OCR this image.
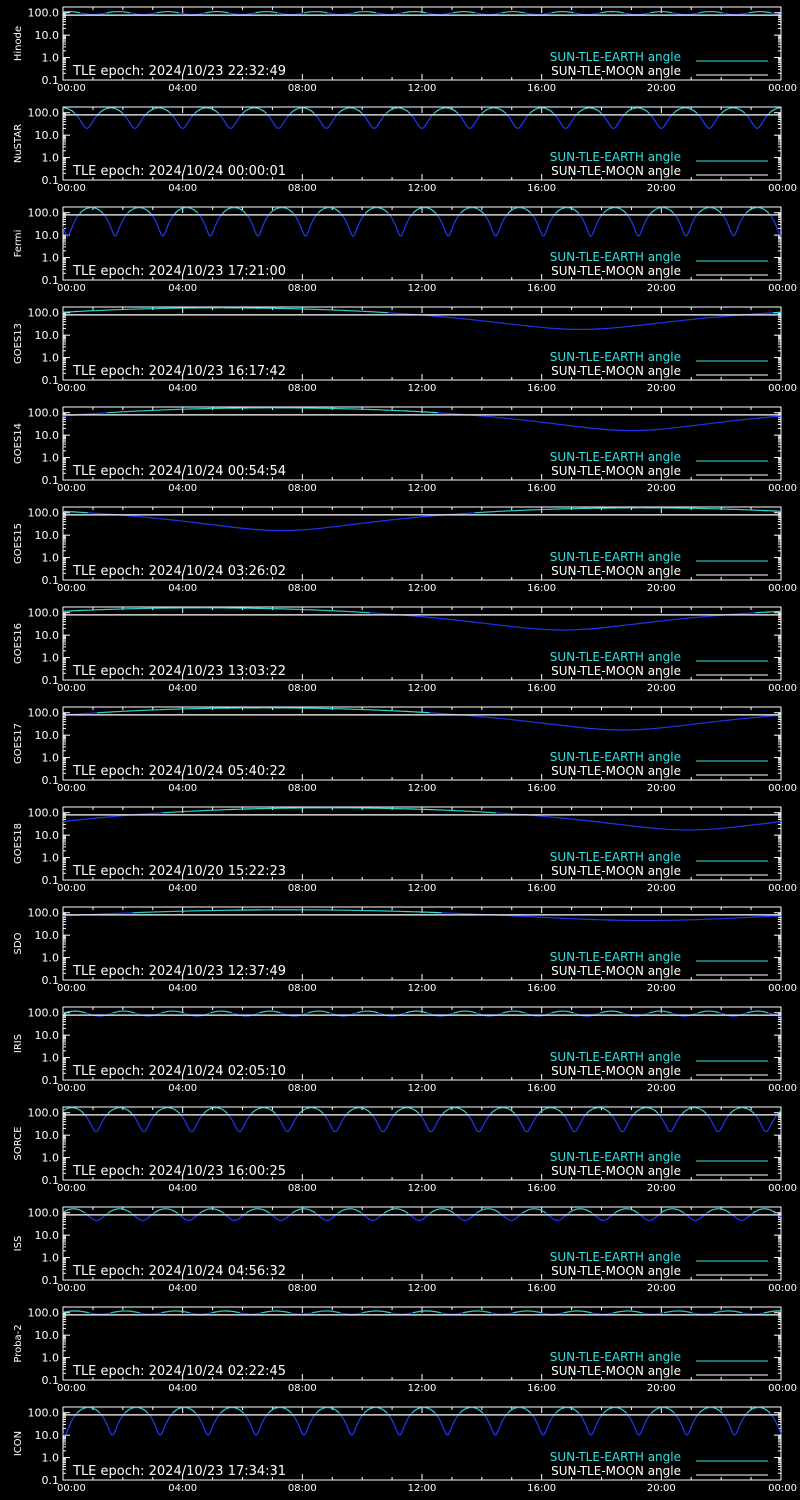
100.0
10.0
1.0
0.1
00:00	04:00	08:00	12:00	16:00	20:00	00:00
Hinode	SUN-TLE-EARTH angle
SUN-TLE-MOON angle
TLE epoch: 2024/10/23 22:32:49
100.0
10.0
1.0
0.1
00:00	04:00	08:00	12:00	16:00	20:00	00:00
NuSTAR	SUN-TLE-EARTH angle
SUN-TLE-MOON angle
TLE epoch: 2024/10/24 00:00:01
100.0
10.0
1.0
0.1
00:00	04:00	08:00	12:00	16:00	20:00	00:00
Fermi	SUN-TLE-EARTH angle
SUN-TLE-MOON angle
TLE epoch: 2024/10/23 17:21:00
100.0
10.0
1.0
0.1
00:00	04:00	08:00	12:00	16:00	20:00	00:00
GOES13	SUN-TLE-EARTH angle
SUN-TLE-MOON angle
TLE epoch: 2024/10/23 16:17:42
100.0
10.0
1.0
0.1
00:00	04:00	08:00	12:00	16:00	20:00	00:00
GOES14	SUN-TLE-EARTH angle
SUN-TLE-MOON angle
TLE epoch: 2024/10/24 00:54:54
100.0
10.0
1.0
0.1
00:00	04:00	08:00	12:00	16:00	20:00	00:00
GOES15	SUN-TLE-EARTH angle
SUN-TLE-MOON angle
TLE epoch: 2024/10/24 03:26:02
100.0
10.0
1.0
0.1
00:00	04:00	08:00	12:00	16:00	20:00	00:00
GOES16	SUN-TLE-EARTH angle
SUN-TLE-MOON angle
TLE epoch: 2024/10/23 13:03:22
100.0
10.0
1.0
0.1
00:00	04:00	08:00	12:00	16:00	20:00	00:00
GOES17	SUN-TLE-EARTH angle
SUN-TLE-MOON angle
TLE epoch: 2024/10/24 05:40:22
100.0
10.0
1.0
0.1
00:00	04:00	08:00	12:00	16:00	20:00	00:00
GOES18	SUN-TLE-EARTH angle
SUN-TLE-MOON angle
TLE epoch: 2024/10/20 15:22:23
100.0
10.0
1.0
0.1
00:00	04:00	08:00	12:00	16:00	20:00	00:00
SDO
SUN-TLE-EARTH angle
SUN-TLE-MOON angle
TLE epoch: 2024/10/23 12:37:49
100.0
10.0
1.0
0.1
00:00	04:00	08:00	12:00	16:00	20:00	00:00
IRIS
SUN-TLE-EARTH angle
SUN-TLE-MOON angle
TLE epoch: 2024/10/24 02:05:10
100.0
10.0
1.0
0.1
00:00	04:00	08:00	12:00	16:00	20:00	00:00
SORCE	SUN-TLE-EARTH angle
SUN-TLE-MOON angle
TLE epoch: 2024/10/23 16:00:25
100.0
10.0
1.0
0.1
00:00	04:00	08:00	12:00	16:00	20:00	00:00
ISS
SUN-TLE-EARTH angle
SUN-TLE-MOON angle
TLE epoch: 2024/10/24 04:56:32
100.0
10.0
1.0
0.1
00:00	04:00	08:00	12:00	16:00	20:00	00:00
Proba-2	SUN-TLE-EARTH angle
SUN-TLE-MOON angle
TLE epoch: 2024/10/24 02:22:45
100.0
10.0
1.0
0.1
00:00	04:00	08:00	12:00	16:00	20:00	00:00
ICON
SUN-TLE-EARTH angle
SUN-TLE-MOON angle
TLE epoch: 2024/10/23 17:34:31
